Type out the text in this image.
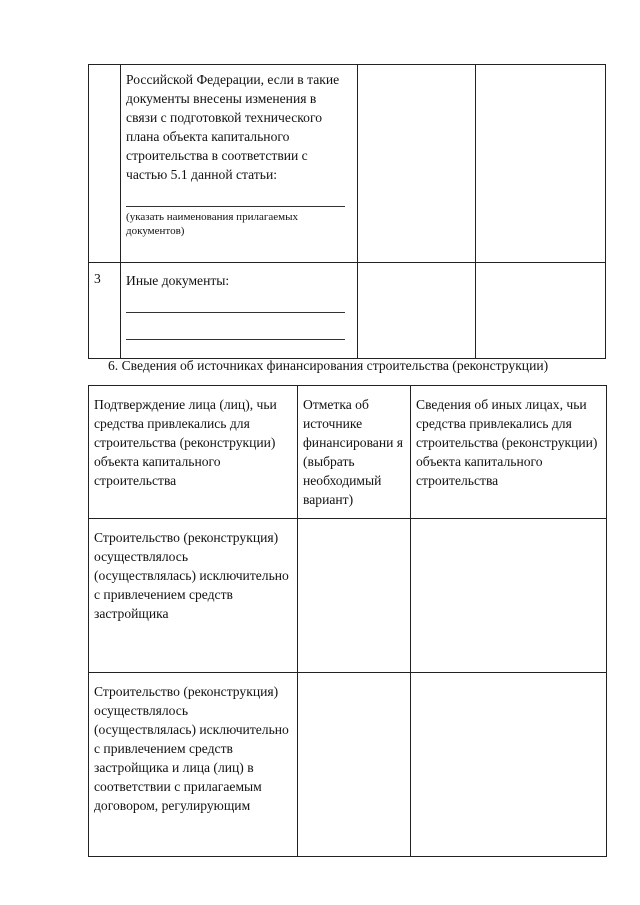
	Российской Федерации, если в такие документы внесены изменения в связи с подготовкой технического плана объекта капитального строительства в соответствии с частью 5.1 данной статьи:
(указать наименования прилагаемых документов)		

3	Иные документы:		

6. Сведения об источниках финансирования строительства (реконструкции)
Подтверждение лица (лиц), чьи средства привлекались для строительства (реконструкции) объекта капитального строительства	Отметка об источнике финансировани я (выбрать необходимый вариант)	Сведения об иных лицах, чьи средства привлекались для строительства (реконструкции) объекта капитального строительства

Строительство (реконструкция) осуществлялось (осуществлялась) исключительно с привлечением средств застройщика		

Строительство (реконструкция) осуществлялось (осуществлялась) исключительно с привлечением средств застройщика и лица (лиц) в соответствии с прилагаемым договором, регулирующим		
